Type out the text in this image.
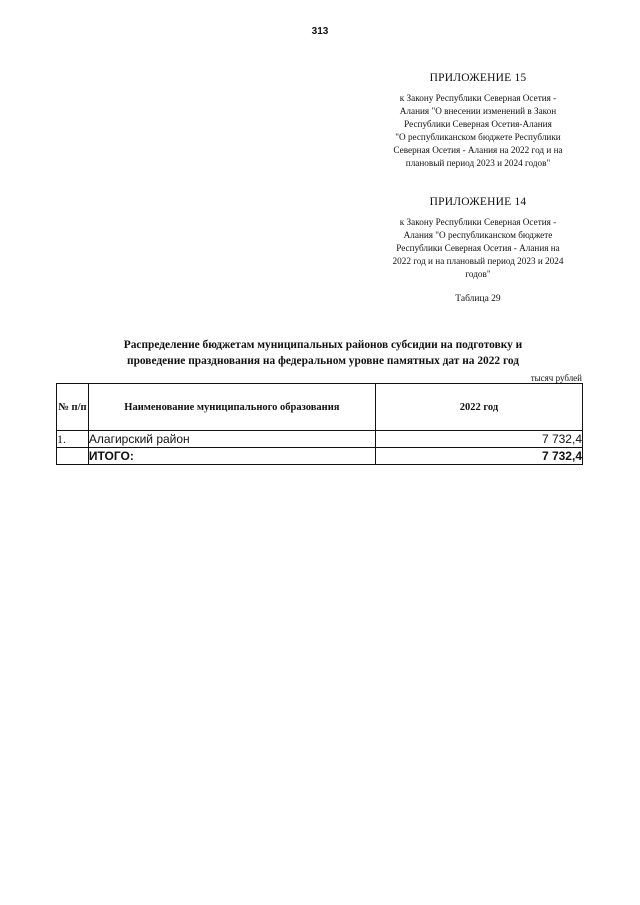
313
ПРИЛОЖЕНИЕ 15
к Закону Республики Северная Осетия -
Алания "О внесении изменений в Закон
Республики Северная Осетия-Алания
"О республиканском бюджете Республики
Северная Осетия - Алания на 2022 год и на
плановый период 2023 и 2024 годов"
ПРИЛОЖЕНИЕ 14
к Закону Республики Северная Осетия -
Алания "О республиканском бюджете
Республики Северная Осетия - Алания на
2022 год и на плановый период 2023 и 2024
годов"
Таблица 29
Распределение бюджетам муниципальных районов субсидии на подготовку и
проведение празднования на федеральном уровне памятных дат на 2022 год
тысяч рублей
№ п/п	Наименование муниципального образования	2022 год
1.	Алагирский район	7 732,4
	ИТОГО:	7 732,4
